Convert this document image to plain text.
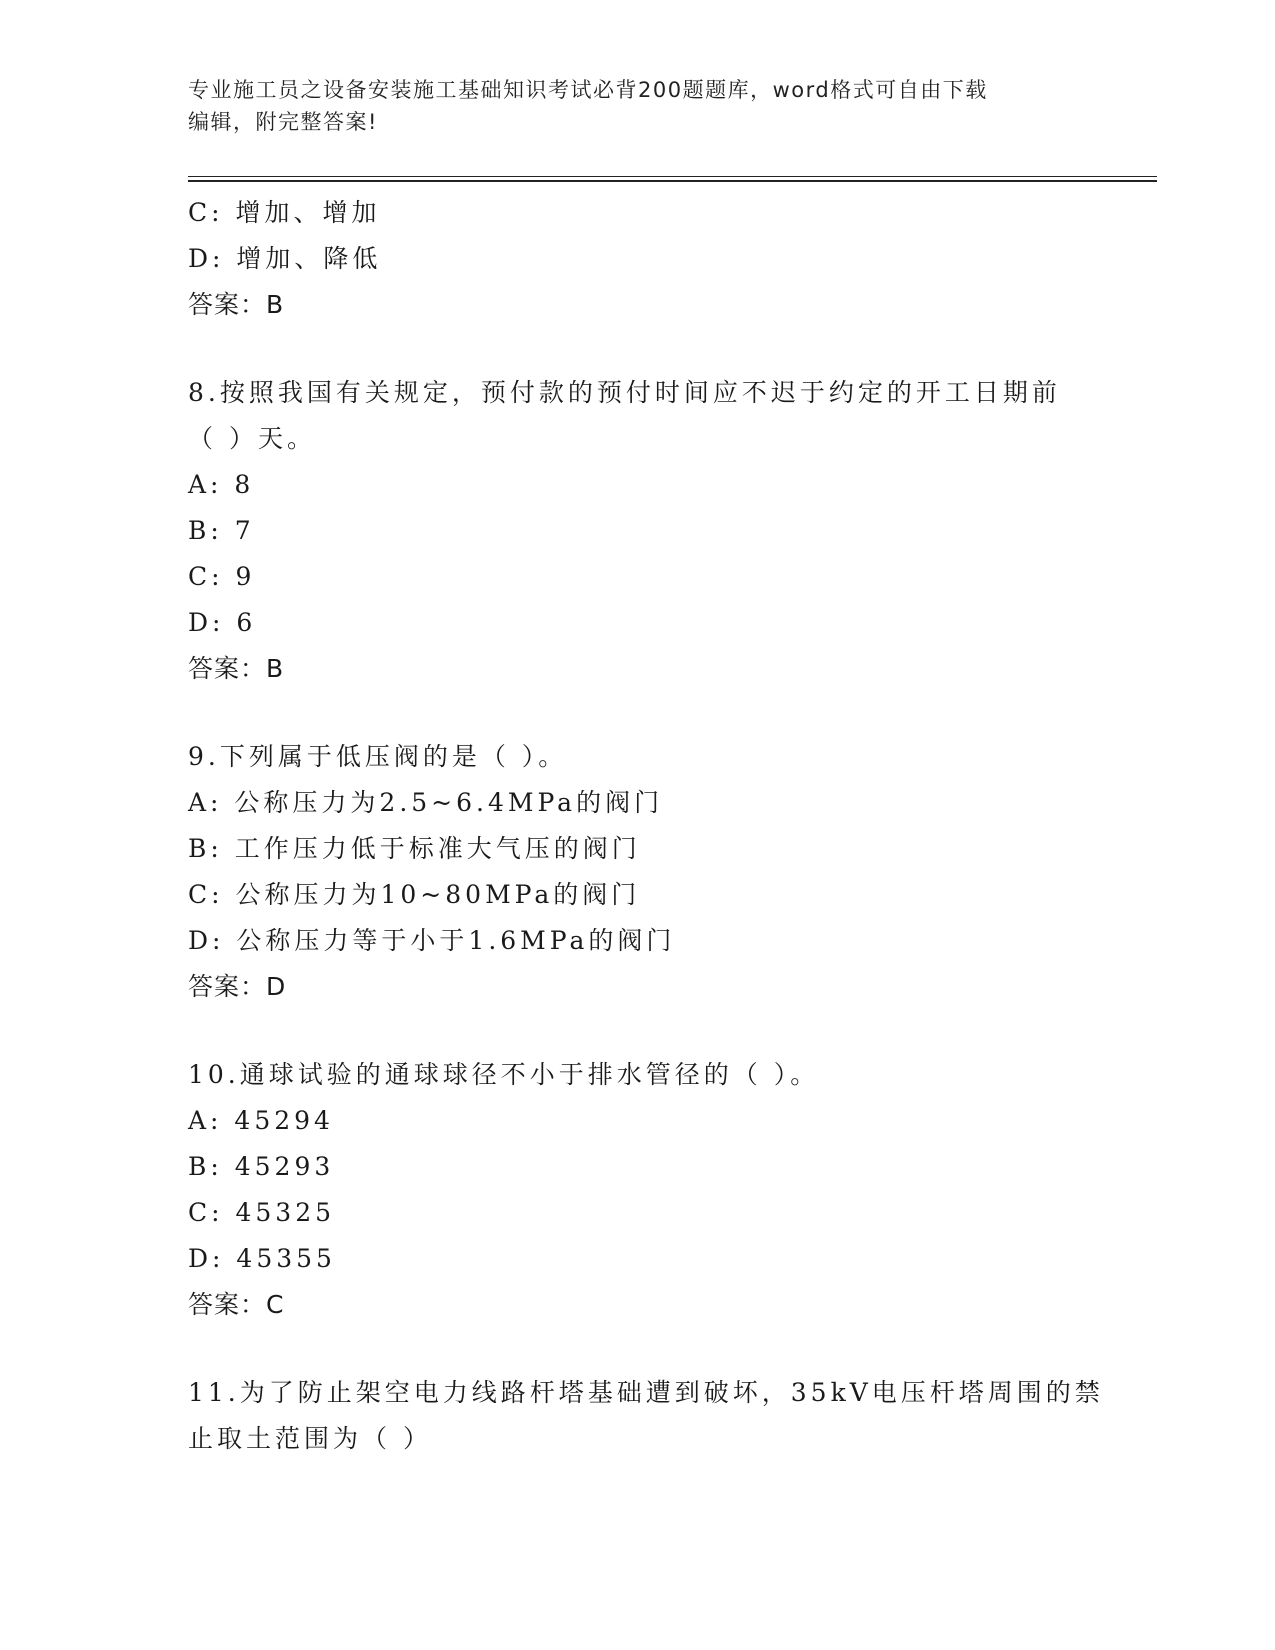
专业施工员之设备安装施工基础知识考试必背200题题库，word格式可自由下载
编辑，附完整答案!
C: 增加、增加
D: 增加、降低
答案：B
8.按照我国有关规定，预付款的预付时间应不迟于约定的开工日期前
（ ）天。
A: 8
B: 7
C: 9
D: 6
答案：B
9.下列属于低压阀的是（ ）。
A: 公称压力为2.5~6.4MPa的阀门
B: 工作压力低于标准大气压的阀门
C: 公称压力为10~80MPa的阀门
D: 公称压力等于小于1.6MPa的阀门
答案：D
10.通球试验的通球球径不小于排水管径的（ ）。
A: 45294
B: 45293
C: 45325
D: 45355
答案：C
11.为了防止架空电力线路杆塔基础遭到破坏，35kV电压杆塔周围的禁
止取土范围为（ ）
